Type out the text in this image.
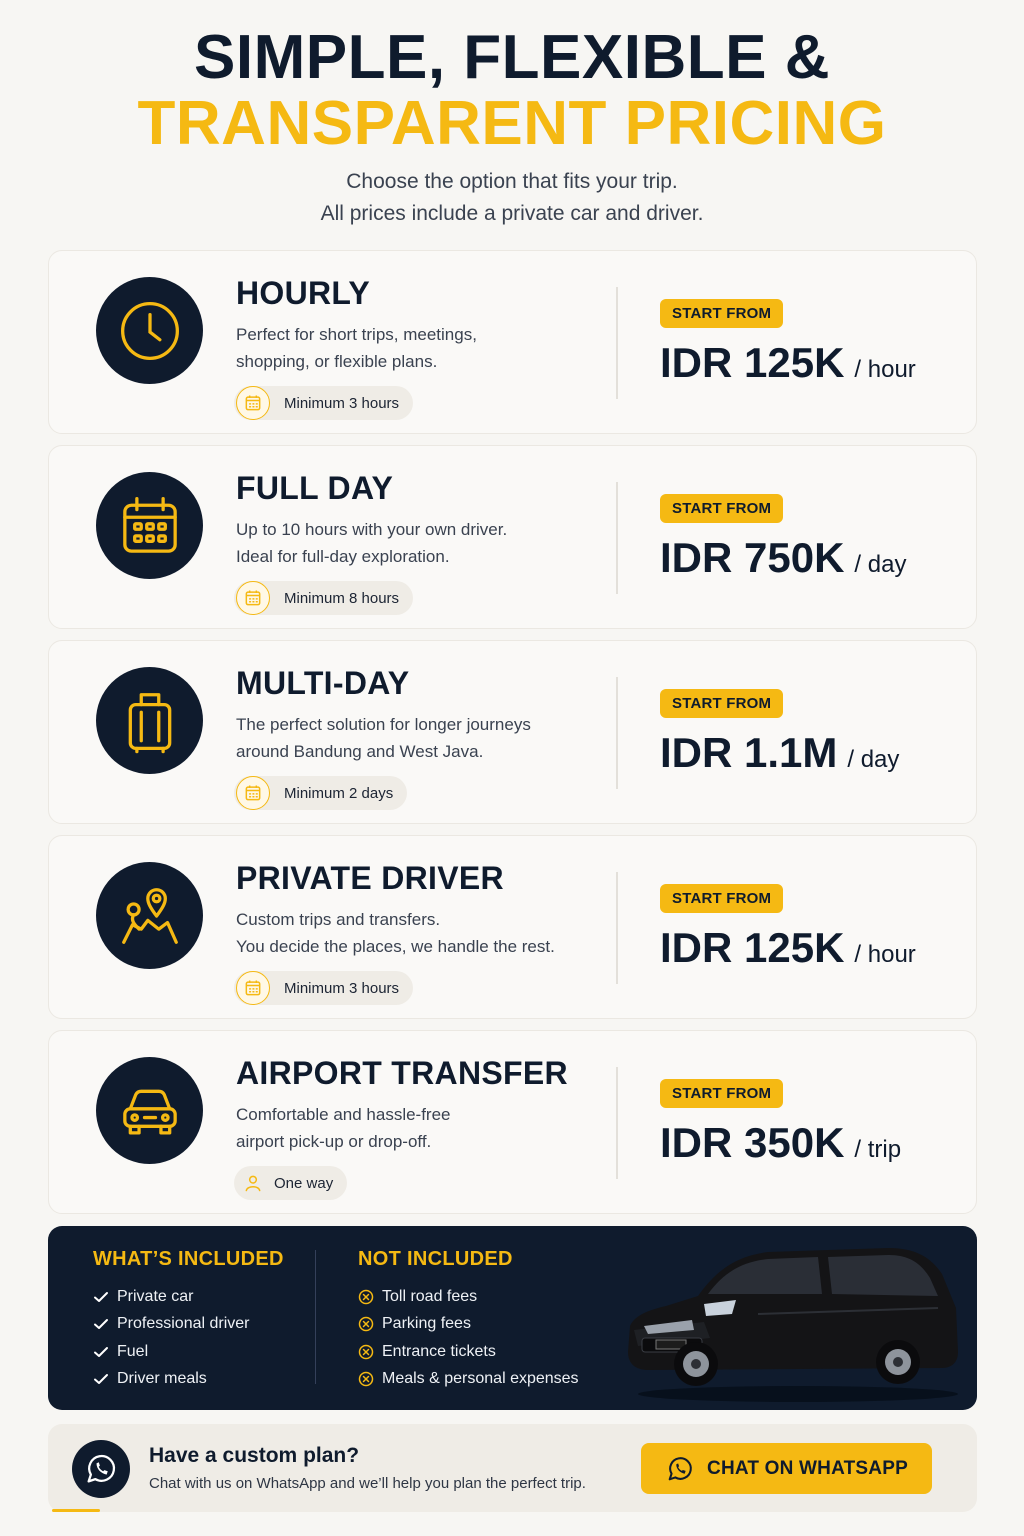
SIMPLE, FLEXIBLE &
TRANSPARENT PRICING
Choose the option that fits your trip.
All prices include a private car and driver.
HOURLY
Perfect for short trips, meetings,
shopping, or flexible plans.
Minimum 3 hours
START FROM
IDR 125K / hour
FULL DAY
Up to 10 hours with your own driver.
Ideal for full-day exploration.
Minimum 8 hours
START FROM
IDR 750K / day
MULTI-DAY
The perfect solution for longer journeys
around Bandung and West Java.
Minimum 2 days
START FROM
IDR 1.1M / day
PRIVATE DRIVER
Custom trips and transfers.
You decide the places, we handle the rest.
Minimum 3 hours
START FROM
IDR 125K / hour
AIRPORT TRANSFER
Comfortable and hassle-free
airport pick-up or drop-off.
One way
START FROM
IDR 350K / trip
WHAT’S INCLUDED
Private car
Professional driver
Fuel
Driver meals
NOT INCLUDED
Toll road fees
Parking fees
Entrance tickets
Meals & personal expenses
Have a custom plan?
Chat with us on WhatsApp and we’ll help you plan the perfect trip.
CHAT ON WHATSAPP
